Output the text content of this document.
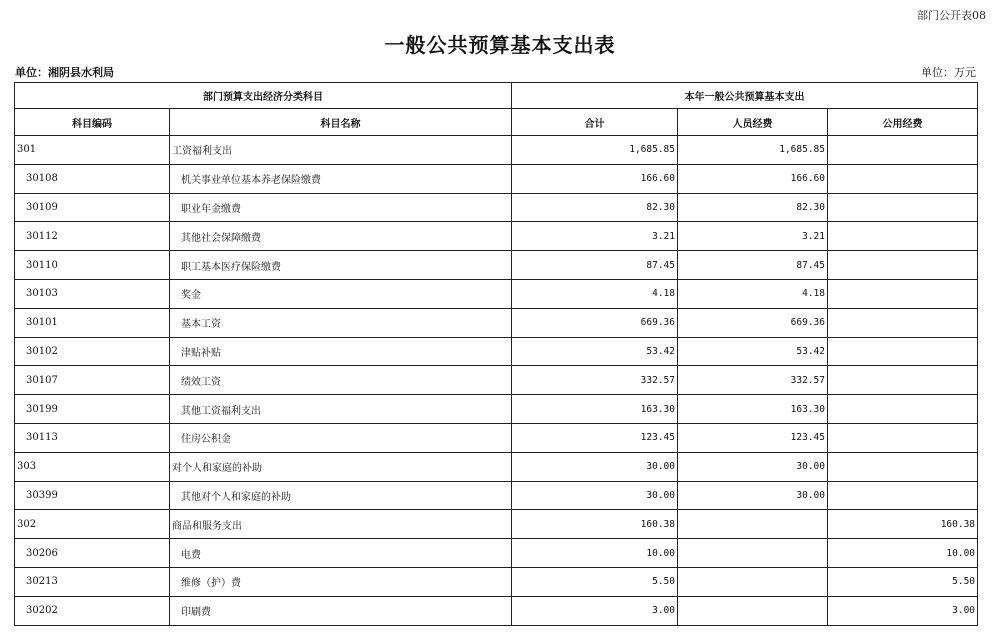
部门公开表08
一般公共预算基本支出表
单位：湘阴县水利局	单位：万元
部门预算支出经济分类科目		本年一般公共预算基本支出		
科目编码	科目名称	合计	人员经费	公用经费
301	工资福利支出	1,685.85	1,685.85	
30108	机关事业单位基本养老保险缴费	166.60	166.60	
30109	职业年金缴费	82.30	82.30	
30112	其他社会保障缴费	3.21	3.21	
30110	职工基本医疗保险缴费	87.45	87.45	
30103	奖金	4.18	4.18	
30101	基本工资	669.36	669.36	
30102	津贴补贴	53.42	53.42	
30107	绩效工资	332.57	332.57	
30199	其他工资福利支出	163.30	163.30	
30113	住房公积金	123.45	123.45	
303	对个人和家庭的补助	30.00	30.00	
30399	其他对个人和家庭的补助	30.00	30.00	
302	商品和服务支出	160.38		160.38
30206	电费	10.00		10.00
30213	维修（护）费	5.50		5.50
30202	印刷费	3.00		3.00
